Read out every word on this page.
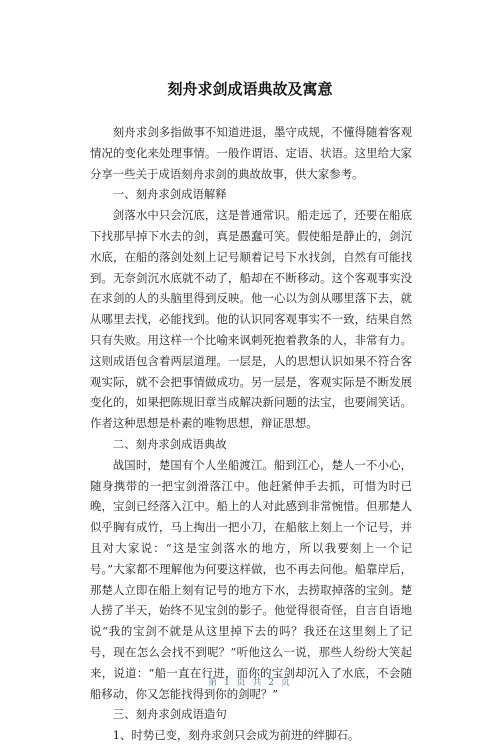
刻舟求剑成语典故及寓意

刻舟求剑多指做事不知道进退，墨守成规，不懂得随着客观情况的变化来处理事情。一般作谓语、定语、状语。这里给大家分享一些关于成语刻舟求剑的典故故事，供大家参考。

一、刻舟求剑成语解释

剑落水中只会沉底，这是普通常识。船走远了，还要在船底下找那早掉下水去的剑，真是愚蠢可笑。假使船是静止的，剑沉水底，在船的落剑处刻上记号顺着记号下水找剑，自然有可能找到。无奈剑沉水底就不动了，船却在不断移动。这个客观事实没在求剑的人的头脑里得到反映。他一心以为剑从哪里落下去，就从哪里去找，必能找到。他的认识同客观事实不一致，结果自然只有失败。用这样一个比喻来讽刺死抱着教条的人，非常有力。这则成语包含着两层道理。一层是，人的思想认识如果不符合客观实际，就不会把事情做成功。另一层是，客观实际是不断发展变化的，如果把陈规旧章当成解决新问题的法宝，也要闹笑话。作者这种思想是朴素的唯物思想，辩证思想。

二、刻舟求剑成语典故

战国时，楚国有个人坐船渡江。船到江心，楚人一不小心，随身携带的一把宝剑滑落江中。他赶紧伸手去抓，可惜为时已晚，宝剑已经落入江中。船上的人对此感到非常惋惜。但那楚人似乎胸有成竹，马上掏出一把小刀，在船舷上刻上一个记号，并且对大家说：“这是宝剑落水的地方，所以我要刻上一个记号。”大家都不理解他为何要这样做，也不再去问他。船靠岸后，那楚人立即在船上刻有记号的地方下水，去捞取掉落的宝剑。楚人捞了半天，始终不见宝剑的影子。他觉得很奇怪，自言自语地说“我的宝剑不就是从这里掉下去的吗？我还在这里刻上了记号，现在怎么会找不到呢？”听他这么一说，那些人纷纷大笑起来，说道：“船一直在行进，而你的宝剑却沉入了水底，不会随船移动，你又怎能找得到你的剑呢？”

三、刻舟求剑成语造句

1、时势已变，刻舟求剑只会成为前进的绊脚石。

第 1 页 共 2 页
